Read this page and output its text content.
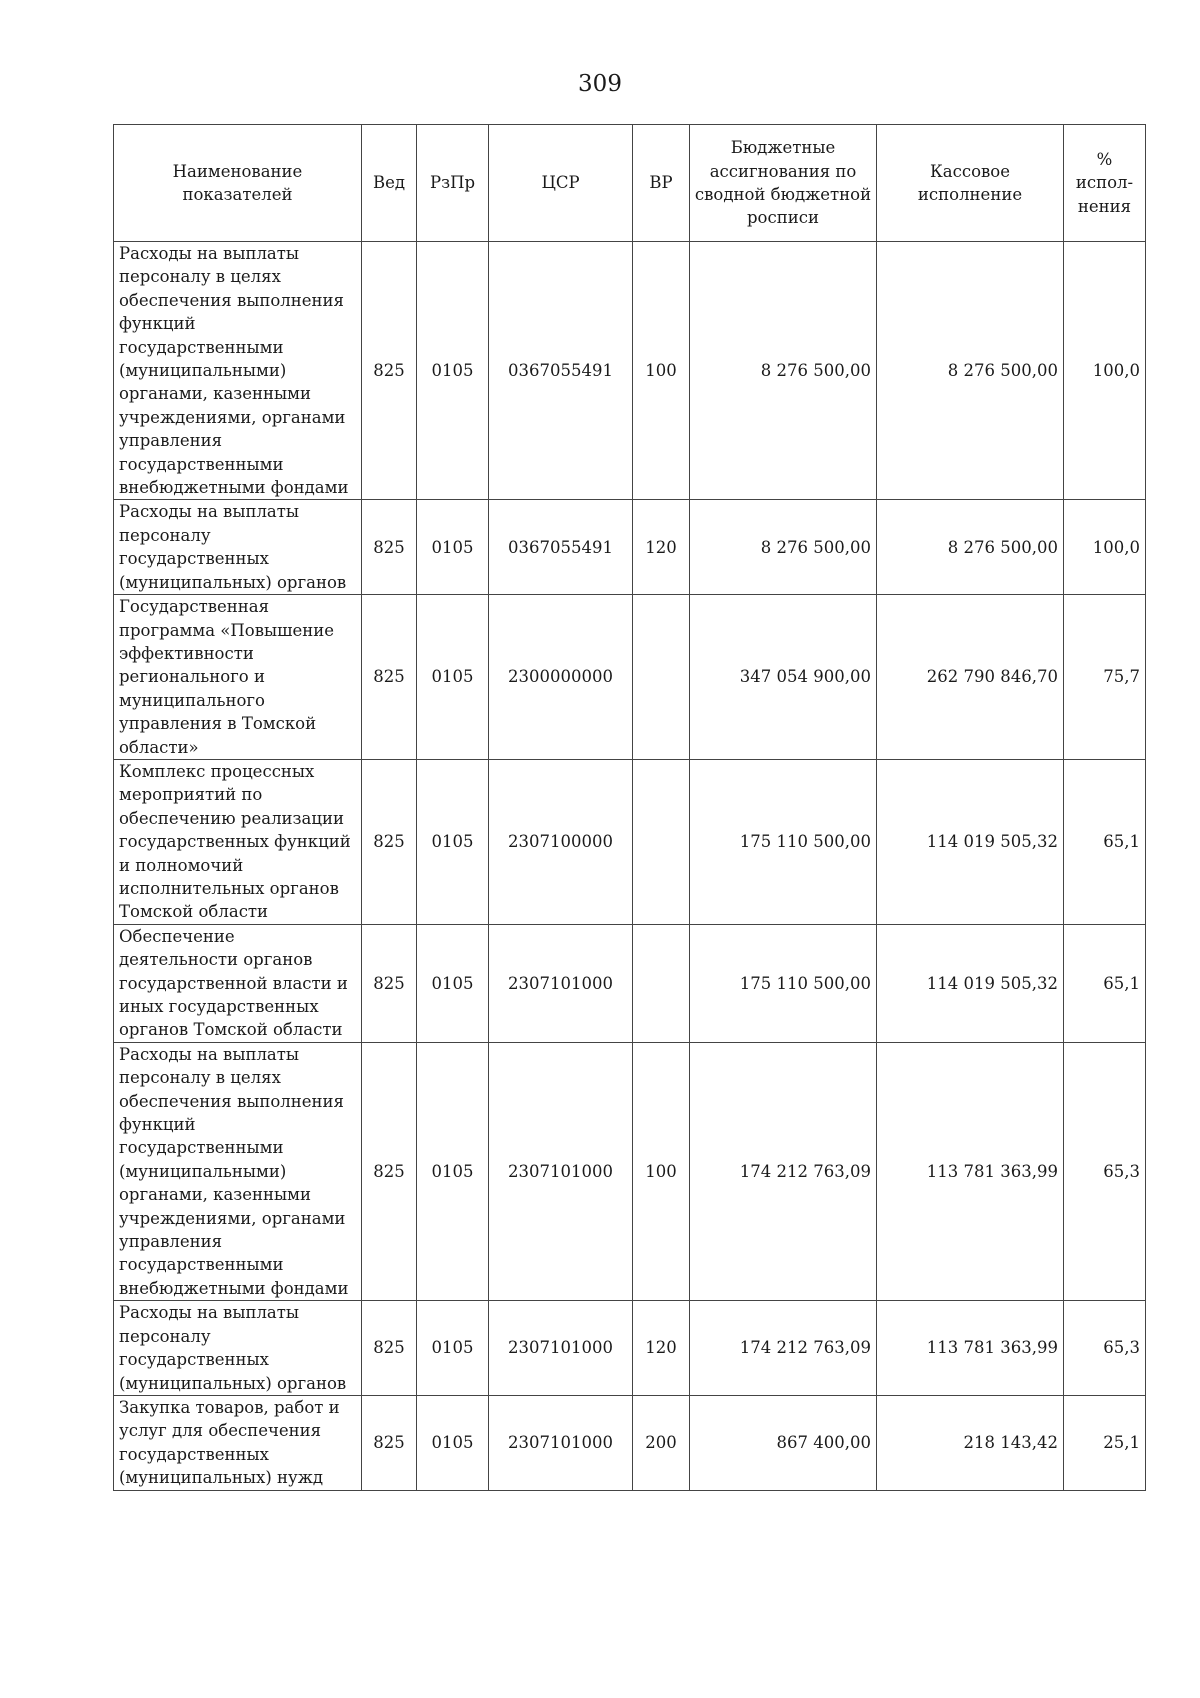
309
Наименование показателей	Вед	РзПр	ЦСР	ВР	Бюджетные ассигнования по сводной бюджетной росписи	Кассовое исполнение	% испол-нения
Расходы на выплаты персоналу в целях обеспечения выполнения функций государственными (муниципальными) органами, казенными учреждениями, органами управления государственными внебюджетными фондами	825	0105	0367055491	100	8 276 500,00	8 276 500,00	100,0
Расходы на выплаты персоналу государственных (муниципальных) органов	825	0105	0367055491	120	8 276 500,00	8 276 500,00	100,0
Государственная программа «Повышение эффективности регионального и муниципального управления в Томской области»	825	0105	2300000000		347 054 900,00	262 790 846,70	75,7
Комплекс процессных мероприятий по обеспечению реализации государственных функций и полномочий исполнительных органов Томской области	825	0105	2307100000		175 110 500,00	114 019 505,32	65,1
Обеспечение деятельности органов государственной власти и иных государственных органов Томской области	825	0105	2307101000		175 110 500,00	114 019 505,32	65,1
Расходы на выплаты персоналу в целях обеспечения выполнения функций государственными (муниципальными) органами, казенными учреждениями, органами управления государственными внебюджетными фондами	825	0105	2307101000	100	174 212 763,09	113 781 363,99	65,3
Расходы на выплаты персоналу государственных (муниципальных) органов	825	0105	2307101000	120	174 212 763,09	113 781 363,99	65,3
Закупка товаров, работ и услуг для обеспечения государственных (муниципальных) нужд	825	0105	2307101000	200	867 400,00	218 143,42	25,1
